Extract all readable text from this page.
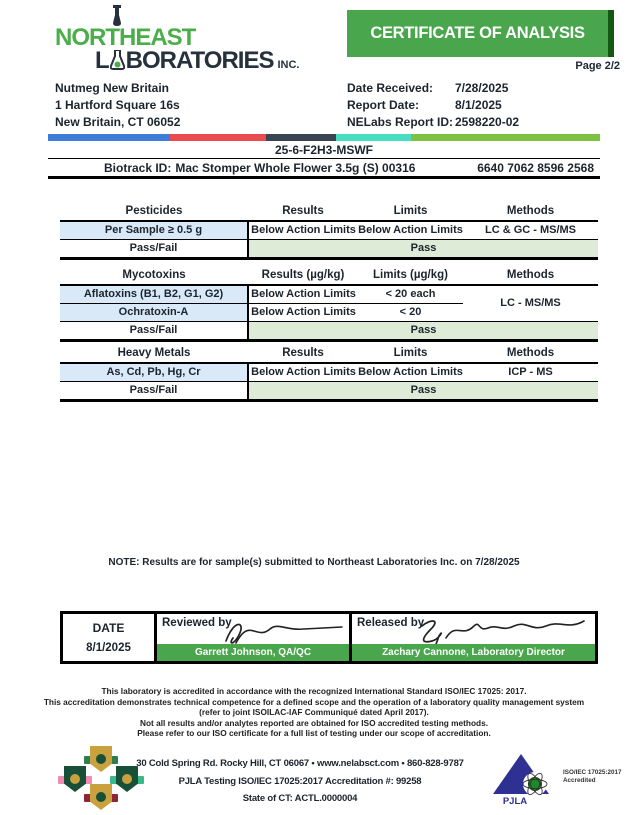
NORTHEAST
L BORATORIES INC.
CERTIFICATE OF ANALYSIS
Page 2/2
Nutmeg New Britain
1 Hartford Square 16s
New Britain, CT 06052
Date Received:	7/28/2025
Report Date:	8/1/2025
NELabs Report ID: 2598220-02
25-6-F2H3-MSWF
Biotrack ID: Mac Stomper Whole Flower 3.5g (S) 00316	6640 7062 8596 2568
Pesticides	Results	Limits	Methods
Per Sample ≥ 0.5 g	Below Action Limits	Below Action Limits	LC & GC - MS/MS
Pass/Fail	Pass		
Mycotoxins	Results (µg/kg)	Limits (µg/kg)	Methods
Aflatoxins (B1, B2, G1, G2)	Below Action Limits	< 20 each	LC - MS/MS
Ochratoxin-A	Below Action Limits	< 20	
Pass/Fail	Pass		
Heavy Metals	Results	Limits	Methods
As, Cd, Pb, Hg, Cr	Below Action Limits	Below Action Limits	ICP - MS
Pass/Fail	Pass		
NOTE: Results are for sample(s) submitted to Northeast Laboratories Inc. on 7/28/2025
DATE
8/1/2025
Reviewed by
Garrett Johnson, QA/QC
Released by
Zachary Cannone, Laboratory Director
This laboratory is accredited in accordance with the recognized International Standard ISO/IEC 17025: 2017.
This accreditation demonstrates technical competence for a defined scope and the operation of a laboratory quality management system
(refer to joint ISOILAC-IAF Communiqué dated April 2017).
Not all results and/or analytes reported are obtained for ISO accredited testing methods.
Please refer to our ISO certificate for a full list of testing under our scope of accreditation.
30 Cold Spring Rd. Rocky Hill, CT 06067 • www.nelabsct.com • 860-828-9787
PJLA Testing ISO/IEC 17025:2017 Accreditation #: 99258
State of CT: ACTL.0000004	PJLA
ISO/IEC 17025:2017
Accredited
